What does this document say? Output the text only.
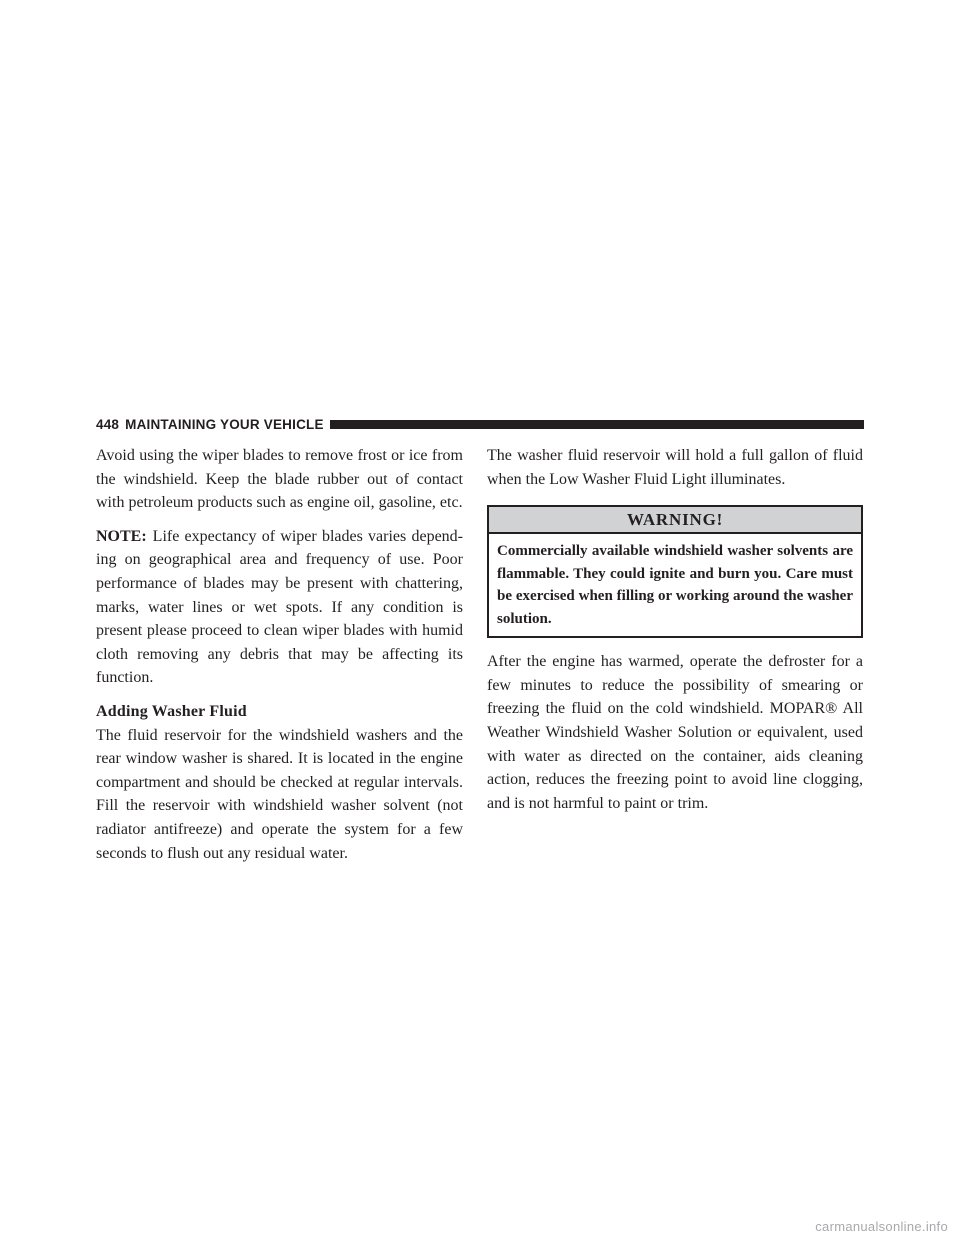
448 MAINTAINING YOUR VEHICLE

Avoid using the wiper blades to remove frost or ice from the windshield. Keep the blade rubber out of contact with petroleum products such as engine oil, gasoline, etc.

NOTE: Life expectancy of wiper blades varies depend-ing on geographical area and frequency of use. Poor performance of blades may be present with chattering, marks, water lines or wet spots. If any condition is present please proceed to clean wiper blades with humid cloth removing any debris that may be affecting its function.

Adding Washer Fluid

The fluid reservoir for the windshield washers and the rear window washer is shared. It is located in the engine compartment and should be checked at regular intervals. Fill the reservoir with windshield washer solvent (not radiator antifreeze) and operate the system for a few seconds to flush out any residual water.

The washer fluid reservoir will hold a full gallon of fluid when the Low Washer Fluid Light illuminates.

WARNING!
Commercially available windshield washer solvents are flammable. They could ignite and burn you. Care must be exercised when filling or working around the washer solution.

After the engine has warmed, operate the defroster for a few minutes to reduce the possibility of smearing or freezing the fluid on the cold windshield. MOPAR® All Weather Windshield Washer Solution or equivalent, used with water as directed on the container, aids cleaning action, reduces the freezing point to avoid line clogging, and is not harmful to paint or trim.

carmanualsonline.info
